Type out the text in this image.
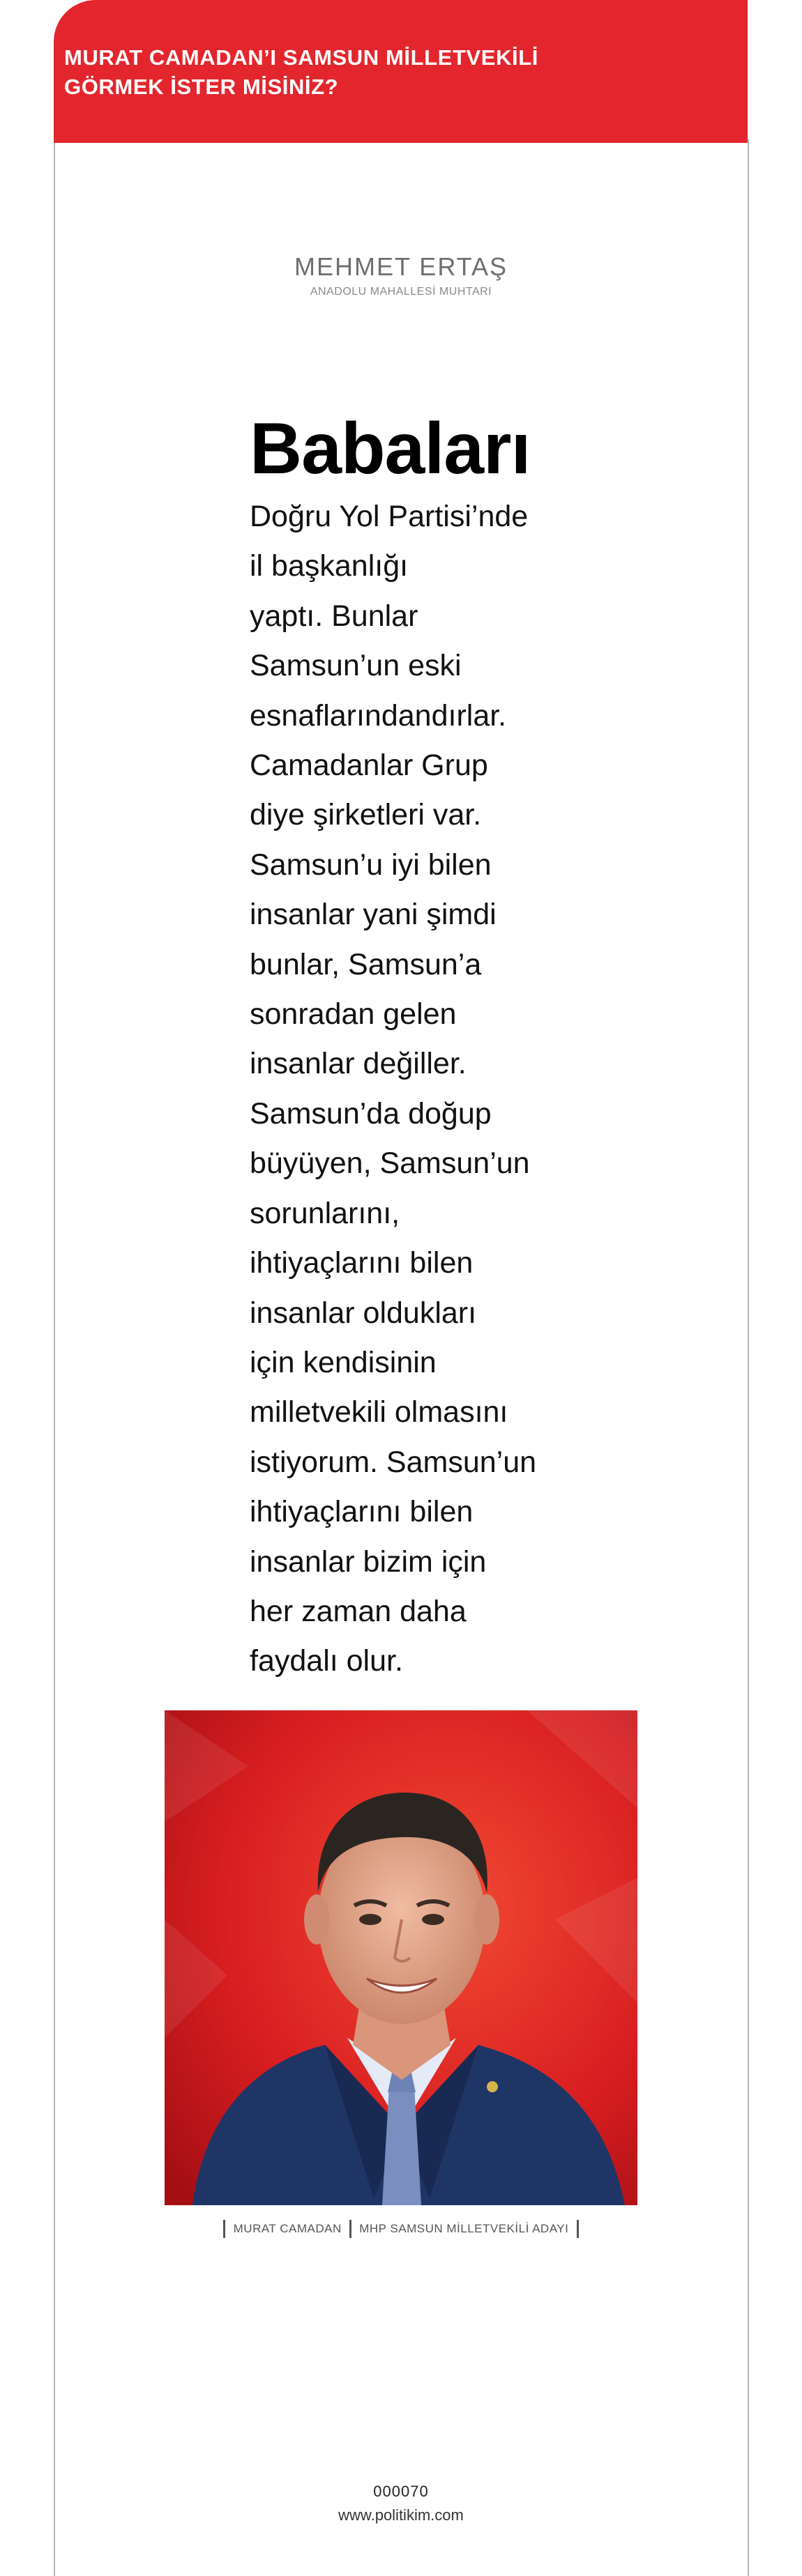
MURAT CAMADAN’I SAMSUN MİLLETVEKİLİ
GÖRMEK İSTER MİSİNİZ?
MEHMET ERTAŞ
ANADOLU MAHALLESİ MUHTARI
Babaları
Doğru Yol Partisi’nde
il başkanlığı
yaptı. Bunlar
Samsun’un eski
esnaflarındandırlar.
Camadanlar Grup
diye şirketleri var.
Samsun’u iyi bilen
insanlar yani şimdi
bunlar, Samsun’a
sonradan gelen
insanlar değiller.
Samsun’da doğup
büyüyen, Samsun’un
sorunlarını,
ihtiyaçlarını bilen
insanlar oldukları
için kendisinin
milletvekili olmasını
istiyorum. Samsun’un
ihtiyaçlarını bilen
insanlar bizim için
her zaman daha
faydalı olur.
MURAT CAMADAN MHP SAMSUN MİLLETVEKİLİ ADAYI
000070
www.politikim.com
